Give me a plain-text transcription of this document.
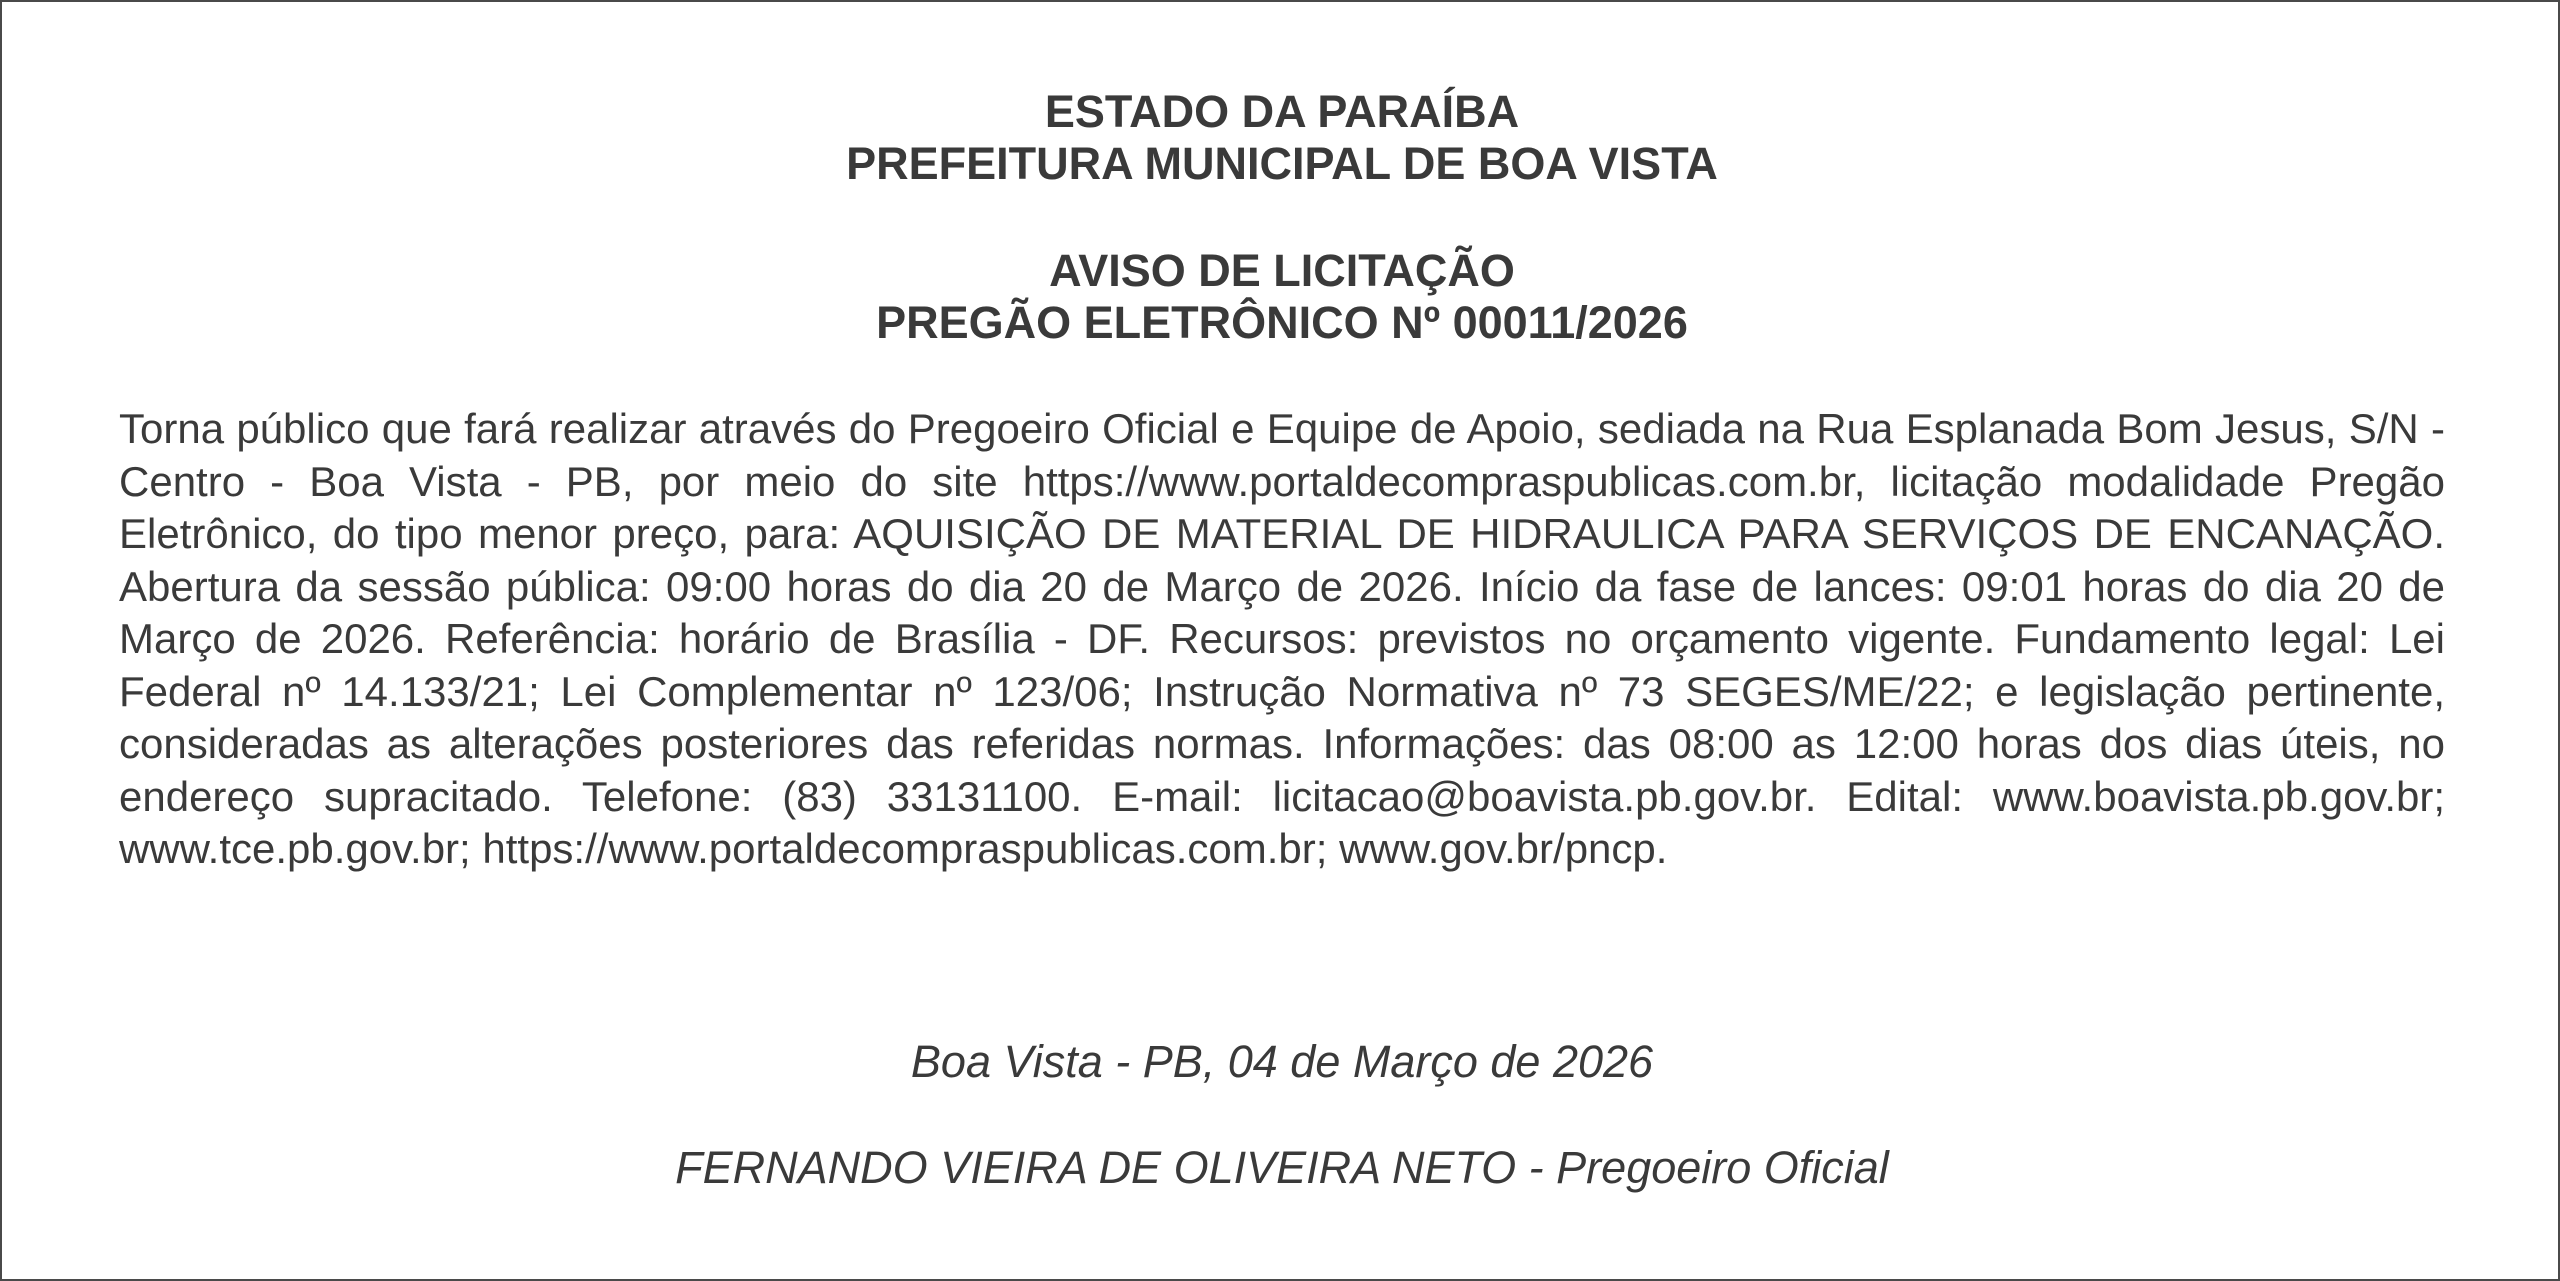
ESTADO DA PARAÍBA
PREFEITURA MUNICIPAL DE BOA VISTA
AVISO DE LICITAÇÃO
PREGÃO ELETRÔNICO Nº 00011/2026

Torna público que fará realizar através do Pregoeiro Oficial e Equipe de Apoio, sediada na Rua Esplanada Bom Jesus, S/N - Centro - Boa Vista - PB, por meio do site https://www.portaldecompraspublicas.com.br, licitação modalidade Pregão Eletrônico, do tipo menor preço, para: AQUISIÇÃO DE MATERIAL DE HIDRAULICA PARA SERVIÇOS DE ENCANAÇÃO. Abertura da sessão pública: 09:00 horas do dia 20 de Março de 2026. Início da fase de lances: 09:01 horas do dia 20 de Março de 2026. Referência: horário de Brasília - DF. Recursos: previstos no orçamento vigente. Fundamento legal: Lei Federal nº 14.133/21; Lei Complementar nº 123/06; Instrução Normativa nº 73 SEGES/ME/22; e legislação pertinente, consideradas as alterações posteriores das referidas normas. Informações: das 08:00 as 12:00 horas dos dias úteis, no endereço supracitado. Telefone: (83) 33131100. E-mail: licitacao@boavista.pb.gov.br. Edital: www.boavista.pb.gov.br; www.tce.pb.gov.br; https://www.portaldecompraspublicas.com.br; www.gov.br/pncp.

Boa Vista - PB, 04 de Março de 2026
FERNANDO VIEIRA DE OLIVEIRA NETO - Pregoeiro Oficial
